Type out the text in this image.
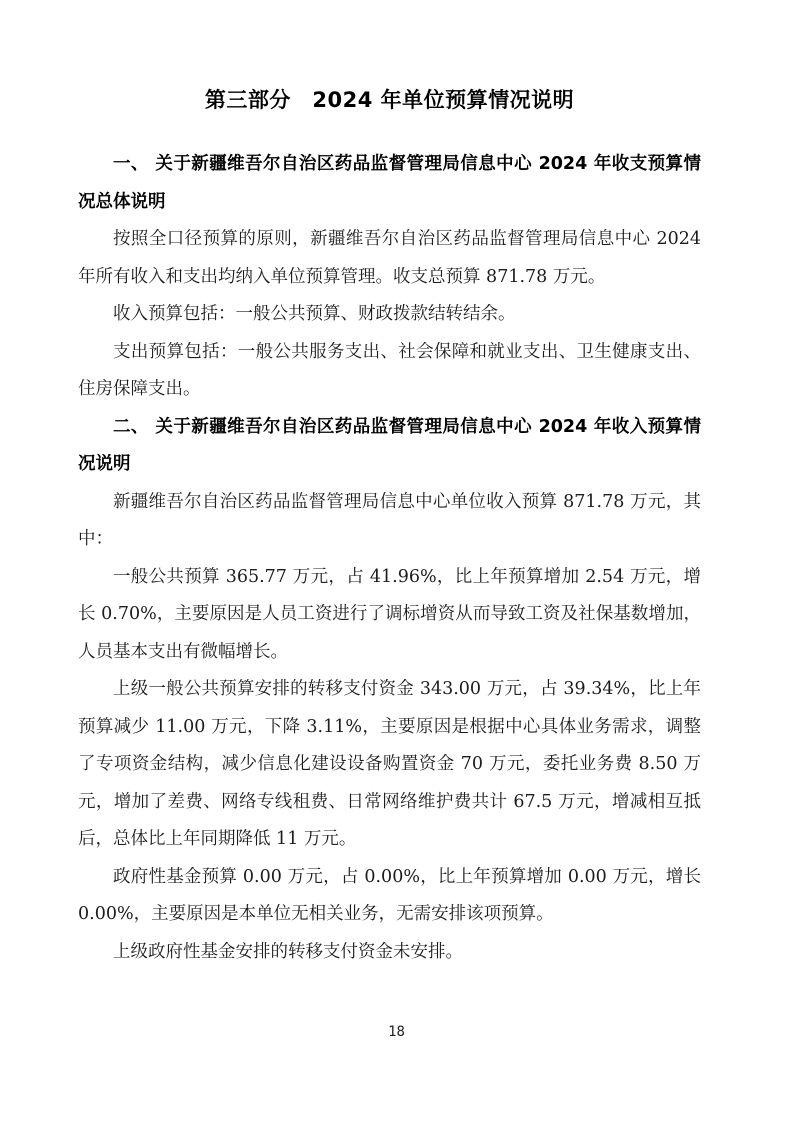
第三部分　2024 年单位预算情况说明
一、 关于新疆维吾尔自治区药品监督管理局信息中心 2024 年收支预算情况总体说明

按照全口径预算的原则，新疆维吾尔自治区药品监督管理局信息中心 2024 年所有收入和支出均纳入单位预算管理。收支总预算 871.78 万元。

收入预算包括：一般公共预算、财政拨款结转结余。

支出预算包括：一般公共服务支出、社会保障和就业支出、卫生健康支出、住房保障支出。

二、 关于新疆维吾尔自治区药品监督管理局信息中心 2024 年收入预算情况说明

新疆维吾尔自治区药品监督管理局信息中心单位收入预算 871.78 万元，其中：

一般公共预算 365.77 万元，占 41.96%，比上年预算增加 2.54 万元，增长 0.70%，主要原因是人员工资进行了调标增资从而导致工资及社保基数增加，人员基本支出有微幅增长。

上级一般公共预算安排的转移支付资金 343.00 万元，占 39.34%，比上年预算减少 11.00 万元，下降 3.11%，主要原因是根据中心具体业务需求，调整了专项资金结构，减少信息化建设设备购置资金 70 万元，委托业务费 8.50 万元，增加了差费、网络专线租费、日常网络维护费共计 67.5 万元，增减相互抵后，总体比上年同期降低 11 万元。

政府性基金预算 0.00 万元，占 0.00%，比上年预算增加 0.00 万元，增长 0.00%，主要原因是本单位无相关业务，无需安排该项预算。

上级政府性基金安排的转移支付资金未安排。

18
